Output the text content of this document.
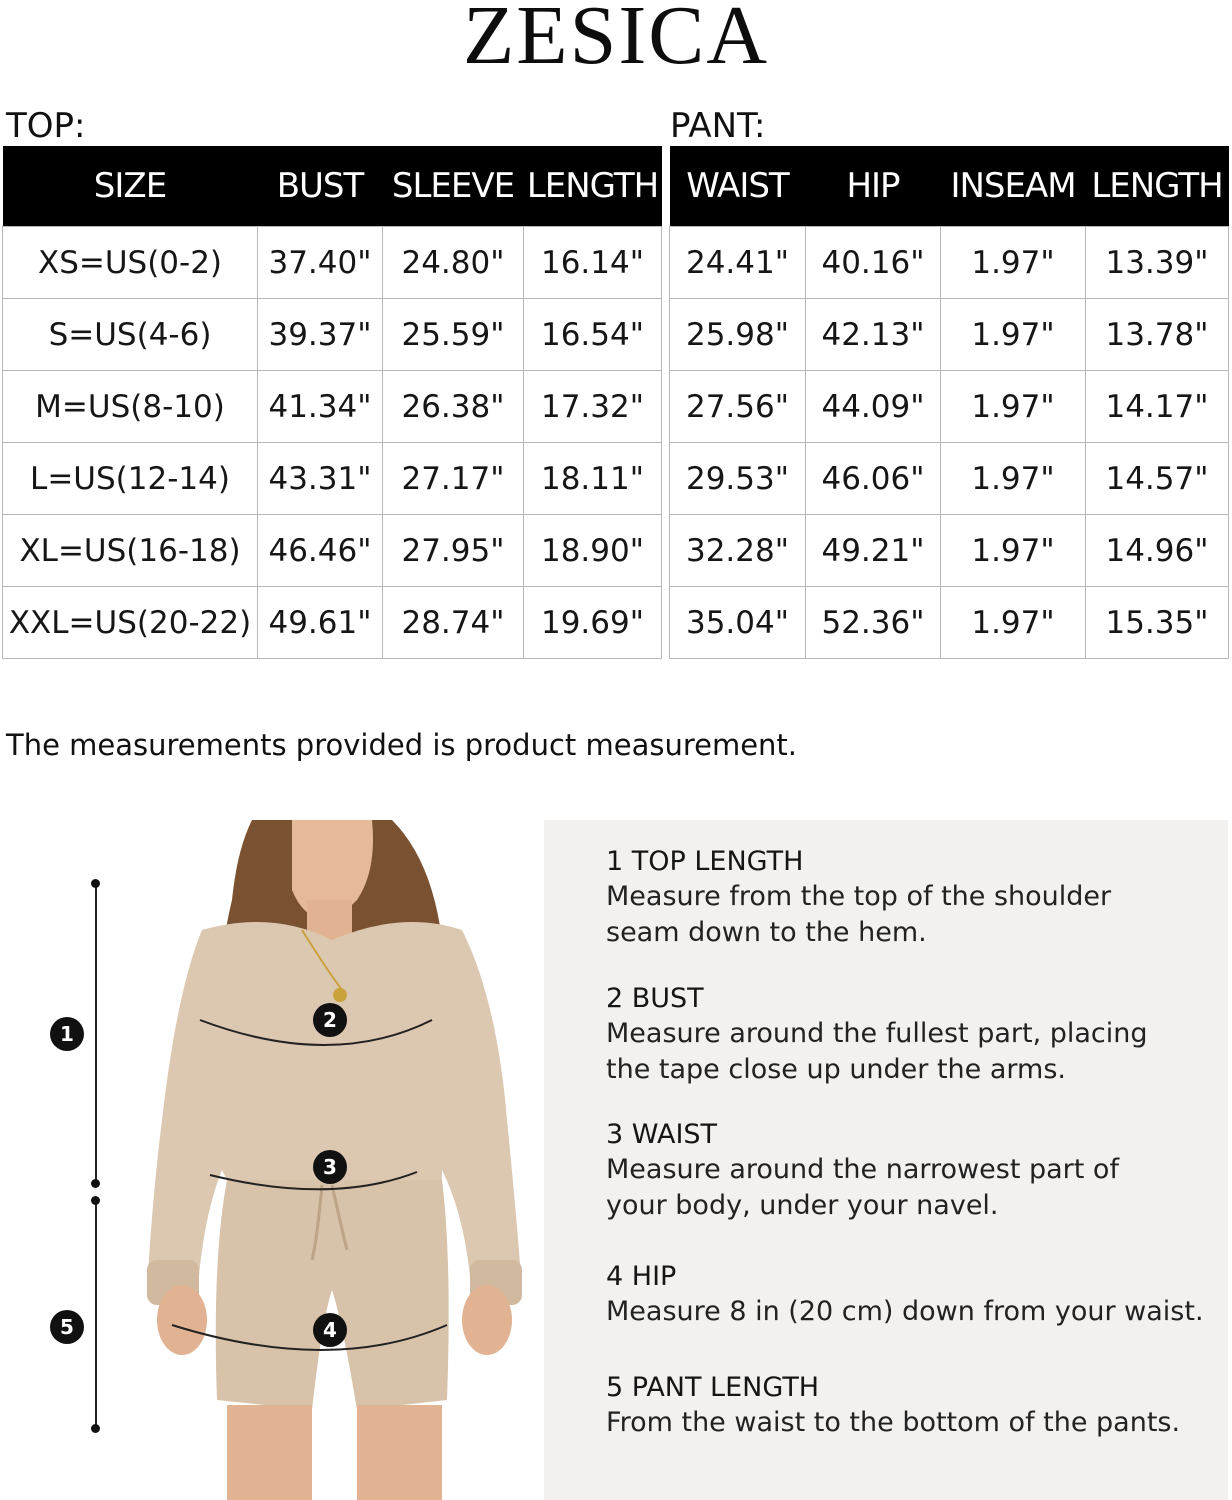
ZESICA
TOP:	PANT:
SIZE	BUST	SLEEVE	LENGTH
XS=US(0-2)	37.40"	24.80"	16.14"
S=US(4-6)	39.37"	25.59"	16.54"
M=US(8-10)	41.34"	26.38"	17.32"
L=US(12-14)	43.31"	27.17"	18.11"
XL=US(16-18)	46.46"	27.95"	18.90"
XXL=US(20-22)	49.61"	28.74"	19.69"
WAIST	HIP	INSEAM	LENGTH
24.41"	40.16"	1.97"	13.39"
25.98"	42.13"	1.97"	13.78"
27.56"	44.09"	1.97"	14.17"
29.53"	46.06"	1.97"	14.57"
32.28"	49.21"	1.97"	14.96"
35.04"	52.36"	1.97"	15.35"
The measurements provided is product measurement.
1
5
2
3
4
1 TOP LENGTH
Measure from the top of the shoulder
seam down to the hem.
2 BUST
Measure around the fullest part, placing
the tape close up under the arms.
3 WAIST
Measure around the narrowest part of
your body, under your navel.
4 HIP
Measure 8 in (20 cm) down from your waist.
5 PANT LENGTH
From the waist to the bottom of the pants.
